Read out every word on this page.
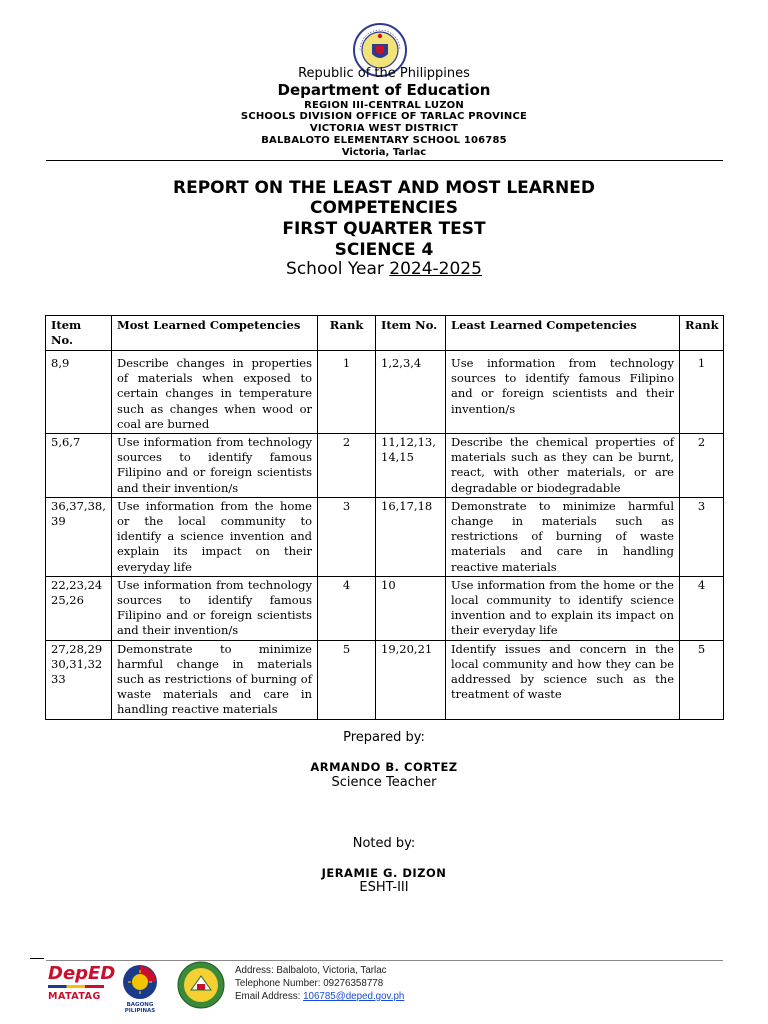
Republic of the Philippines
Department of Education
REGION III-CENTRAL LUZON
SCHOOLS DIVISION OFFICE OF TARLAC PROVINCE
VICTORIA WEST DISTRICT
BALBALOTO ELEMENTARY SCHOOL 106785
Victoria, Tarlac
REPORT ON THE LEAST AND MOST LEARNED
COMPETENCIES
FIRST QUARTER TEST
SCIENCE 4
School Year 2024-2025
Item No.	Most Learned Competencies	Rank	Item No.	Least Learned Competencies	Rank
8,9	Describe changes in properties of materials when exposed to certain changes in temperature such as changes when wood or coal are burned	1	1,2,3,4	Use information from technology sources to identify famous Filipino and or foreign scientists and their invention/s	1
5,6,7	Use information from technology sources to identify famous Filipino and or foreign scientists and their invention/s	2	11,12,13, 14,15	Describe the chemical properties of materials such as they can be burnt, react, with other materials, or are degradable or biodegradable	2
36,37,38, 39	Use information from the home or the local community to identify a science invention and explain its impact on their everyday life	3	16,17,18	Demonstrate to minimize harmful change in materials such as restrictions of burning of waste materials and care in handling reactive materials	3
22,23,24 25,26	Use information from technology sources to identify famous Filipino and or foreign scientists and their invention/s	4	10	Use information from the home or the local community to identify science invention and to explain its impact on their everyday life	4
27,28,29 30,31,32 33	Demonstrate to minimize harmful change in materials such as restrictions of burning of waste materials and care in handling reactive materials	5	19,20,21	Identify issues and concern in the local community and how they can be addressed by science such as the treatment of waste	5
Prepared by:
ARMANDO B. CORTEZ
Science Teacher
Noted by:
JERAMIE G. DIZON
ESHT-III
DepED
MATATAG
BAGONG PILIPINAS
Address: Balbaloto, Victoria, Tarlac
Telephone Number: 09276358778
Email Address: 106785@deped.gov.ph
